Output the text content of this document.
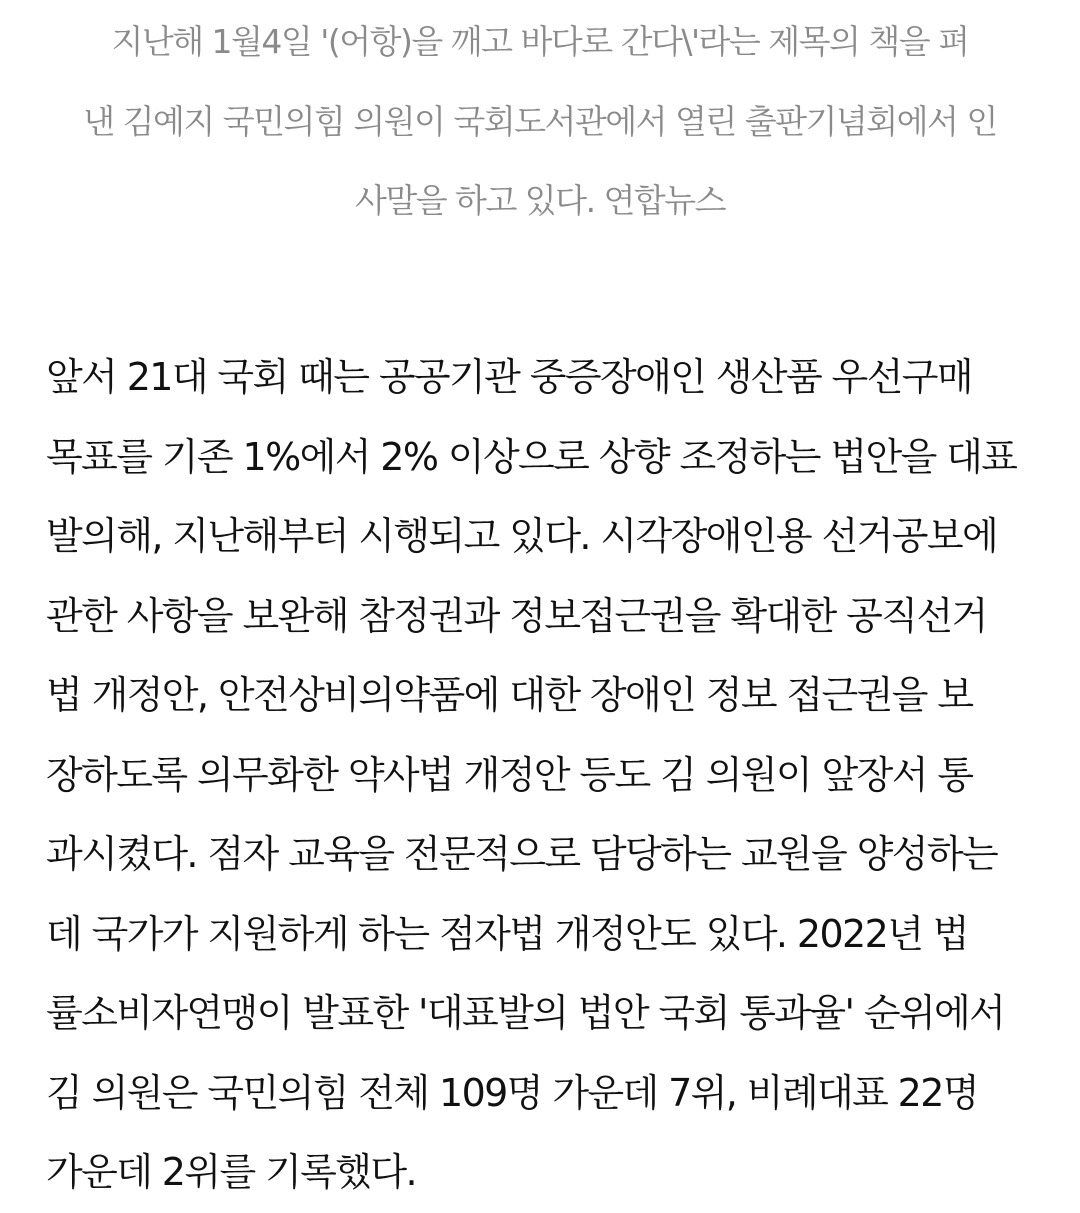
지난해 1월4일 '(어항)을 깨고 바다로 간다\'라는 제목의 책을 펴
낸 김예지 국민의힘 의원이 국회도서관에서 열린 출판기념회에서 인
사말을 하고 있다. 연합뉴스

앞서 21대 국회 때는 공공기관 중증장애인 생산품 우선구매
목표를 기존 1%에서 2% 이상으로 상향 조정하는 법안을 대표
발의해, 지난해부터 시행되고 있다. 시각장애인용 선거공보에
관한 사항을 보완해 참정권과 정보접근권을 확대한 공직선거
법 개정안, 안전상비의약품에 대한 장애인 정보 접근권을 보
장하도록 의무화한 약사법 개정안 등도 김 의원이 앞장서 통
과시켰다. 점자 교육을 전문적으로 담당하는 교원을 양성하는
데 국가가 지원하게 하는 점자법 개정안도 있다. 2022년 법
률소비자연맹이 발표한 '대표발의 법안 국회 통과율' 순위에서
김 의원은 국민의힘 전체 109명 가운데 7위, 비례대표 22명
가운데 2위를 기록했다.
